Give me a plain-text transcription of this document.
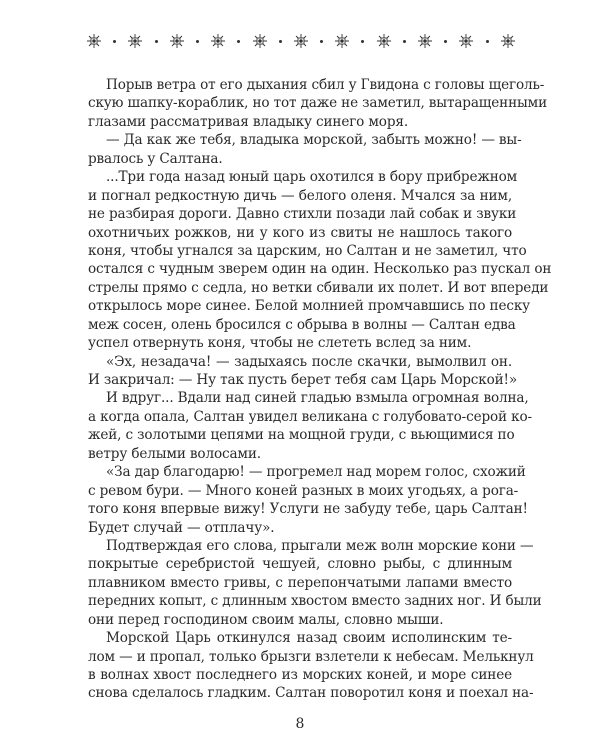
Порыв ветра от его дыхания сбил у Гвидона с головы щеголь-
скую шапку-кораблик, но тот даже не заметил, вытаращенными
глазами рассматривая владыку синего моря.
— Да как же тебя, владыка морской, забыть можно! — вы-
рвалось у Салтана.
...Три года назад юный царь охотился в бору прибрежном
и погнал редкостную дичь — белого оленя. Мчался за ним,
не разбирая дороги. Давно стихли позади лай собак и звуки
охотничьих рожков, ни у кого из свиты не нашлось такого
коня, чтобы угнался за царским, но Салтан и не заметил, что
остался с чудным зверем один на один. Несколько раз пускал он
стрелы прямо с седла, но ветки сбивали их полет. И вот впереди
открылось море синее. Белой молнией промчавшись по песку
меж сосен, олень бросился с обрыва в волны — Салтан едва
успел отвернуть коня, чтобы не слететь вслед за ним.
«Эх, незадача! — задыхаясь после скачки, вымолвил он.
И закричал: — Ну так пусть берет тебя сам Царь Морской!»
И вдруг... Вдали над синей гладью взмыла огромная волна,
а когда опала, Салтан увидел великана с голубовато-серой ко-
жей, с золотыми цепями на мощной груди, с вьющимися по
ветру белыми волосами.
«За дар благодарю! — прогремел над морем голос, схожий
с ревом бури. — Много коней разных в моих угодьях, а рога-
того коня впервые вижу! Услуги не забуду тебе, царь Салтан!
Будет случай — отплачу».
Подтверждая его слова, прыгали меж волн морские кони —
покрытые серебристой чешуей, словно рыбы, с длинным
плавником вместо гривы, с перепончатыми лапами вместо
передних копыт, с длинным хвостом вместо задних ног. И были
они перед господином своим малы, словно мыши.
Морской Царь откинулся назад своим исполинским те-
лом — и пропал, только брызги взлетели к небесам. Мелькнул
в волнах хвост последнего из морских коней, и море синее
снова сделалось гладким. Салтан поворотил коня и поехал на-
8
